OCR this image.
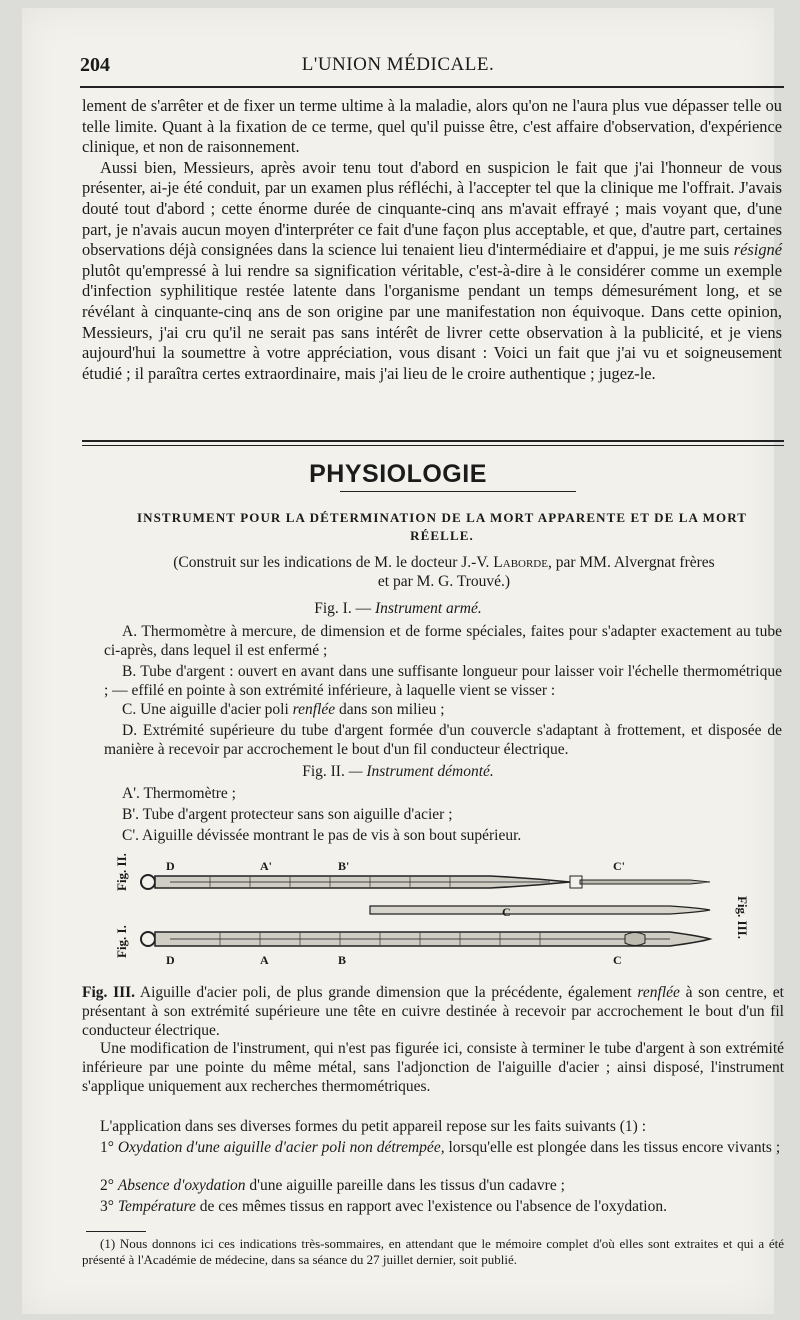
204	L'UNION MÉDICALE.

lement de s'arrêter et de fixer un terme ultime à la maladie, alors qu'on ne l'aura plus vue dépasser telle ou telle limite. Quant à la fixation de ce terme, quel qu'il puisse être, c'est affaire d'observation, d'expérience clinique, et non de raisonnement.

Aussi bien, Messieurs, après avoir tenu tout d'abord en suspicion le fait que j'ai l'honneur de vous présenter, ai-je été conduit, par un examen plus réfléchi, à l'accepter tel que la clinique me l'offrait. J'avais douté tout d'abord ; cette énorme durée de cinquante-cinq ans m'avait effrayé ; mais voyant que, d'une part, je n'avais aucun moyen d'interpréter ce fait d'une façon plus acceptable, et que, d'autre part, certaines observations déjà consignées dans la science lui tenaient lieu d'intermédiaire et d'appui, je me suis résigné plutôt qu'empressé à lui rendre sa signification véritable, c'est-à-dire à le considérer comme un exemple d'infection syphilitique restée latente dans l'organisme pendant un temps démesurément long, et se révélant à cinquante-cinq ans de son origine par une manifestation non équivoque. Dans cette opinion, Messieurs, j'ai cru qu'il ne serait pas sans intérêt de livrer cette observation à la publicité, et je viens aujourd'hui la soumettre à votre appréciation, vous disant : Voici un fait que j'ai vu et soigneusement étudié ; il paraîtra certes extraordinaire, mais j'ai lieu de le croire authentique ; jugez-le.

PHYSIOLOGIE
INSTRUMENT POUR LA DÉTERMINATION DE LA MORT APPARENTE ET DE LA MORT
RÉELLE.
(Construit sur les indications de M. le docteur J.-V. Laborde, par MM. Alvergnat frères
et par M. G. Trouvé.)
Fig. I. — Instrument armé.
A. Thermomètre à mercure, de dimension et de forme spéciales, faites pour s'adapter exactement au tube ci-après, dans lequel il est enfermé ;
B. Tube d'argent : ouvert en avant dans une suffisante longueur pour laisser voir l'échelle thermométrique ; — effilé en pointe à son extrémité inférieure, à laquelle vient se visser :
C. Une aiguille d'acier poli renflée dans son milieu ;
D. Extrémité supérieure du tube d'argent formée d'un couvercle s'adaptant à frottement, et disposée de manière à recevoir par accrochement le bout d'un fil conducteur électrique.
Fig. II. — Instrument démonté.
A'. Thermomètre ;
B'. Tube d'argent protecteur sans son aiguille d'acier ;
C'. Aiguille dévissée montrant le pas de vis à son bout supérieur.
Fig. II.
Fig. I.
Fig. III.
D	A'	B'	C'
D	A	B	C
C
Fig. III. Aiguille d'acier poli, de plus grande dimension que la précédente, également renflée à son centre, et présentant à son extrémité supérieure une tête en cuivre destinée à recevoir par accrochement le bout d'un fil conducteur électrique.
Une modification de l'instrument, qui n'est pas figurée ici, consiste à terminer le tube d'argent à son extrémité inférieure par une pointe du même métal, sans l'adjonction de l'aiguille d'acier ; ainsi disposé, l'instrument s'applique uniquement aux recherches thermométriques.
L'application dans ses diverses formes du petit appareil repose sur les faits suivants (1) :
1° Oxydation d'une aiguille d'acier poli non détrempée, lorsqu'elle est plongée dans les tissus encore vivants ;
2° Absence d'oxydation d'une aiguille pareille dans les tissus d'un cadavre ;
3° Température de ces mêmes tissus en rapport avec l'existence ou l'absence de l'oxydation.
(1) Nous donnons ici ces indications très-sommaires, en attendant que le mémoire complet d'où elles sont extraites et qui a été présenté à l'Académie de médecine, dans sa séance du 27 juillet dernier, soit publié.
